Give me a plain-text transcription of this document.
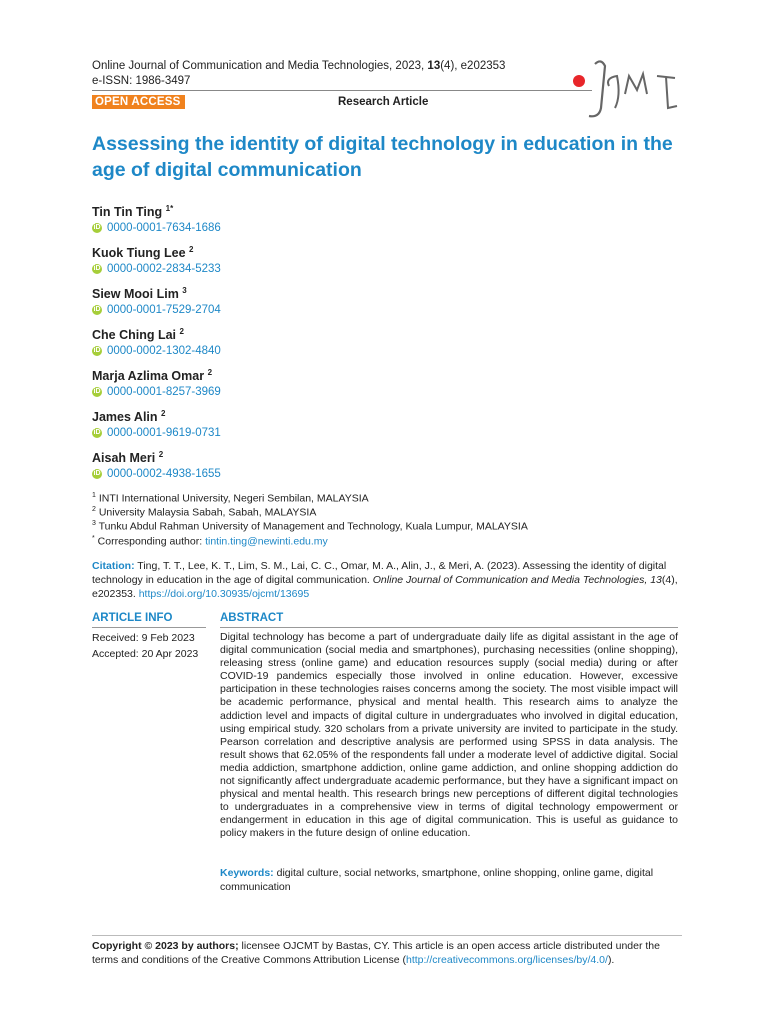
Online Journal of Communication and Media Technologies, 2023, 13(4), e202353
e-ISSN: 1986-3497
OPEN ACCESS	Research Article
Assessing the identity of digital technology in education in the age of digital communication
Tin Tin Ting $^{1*}$
iD 0000-0001-7634-1686
Kuok Tiung Lee $^2$
iD 0000-0002-2834-5233
Siew Mooi Lim $^3$
iD 0000-0001-7529-2704
Che Ching Lai $^2$
iD 0000-0002-1302-4840
Marja Azlima Omar $^2$
iD 0000-0001-8257-3969
James Alin $^2$
iD 0000-0001-9619-0731
Aisah Meri $^2$
iD 0000-0002-4938-1655
$^1$ INTI International University, Negeri Sembilan, MALAYSIA
$^2$ University Malaysia Sabah, Sabah, MALAYSIA
$^3$ Tunku Abdul Rahman University of Management and Technology, Kuala Lumpur, MALAYSIA
* Corresponding author: tintin.ting@newinti.edu.my
Citation: Ting, T. T., Lee, K. T., Lim, S. M., Lai, C. C., Omar, M. A., Alin, J., & Meri, A. (2023). Assessing the identity of digital technology in education in the age of digital communication. Online Journal of Communication and Media Technologies, 13(4), e202353. https://doi.org/10.30935/ojcmt/13695
ARTICLE INFO	ABSTRACT
Received: 9 Feb 2023
Accepted: 20 Apr 2023
Digital technology has become a part of undergraduate daily life as digital assistant in the age of digital communication (social media and smartphones), purchasing necessities (online shopping), releasing stress (online game) and education resources supply (social media) during or after COVID-19 pandemics especially those involved in online education. However, excessive participation in these technologies raises concerns among the society. The most visible impact will be academic performance, physical and mental health. This research aims to analyze the addiction level and impacts of digital culture in undergraduates who involved in digital education, using empirical study. 320 scholars from a private university are invited to participate in the study. Pearson correlation and descriptive analysis are performed using SPSS in data analysis. The result shows that 62.05% of the respondents fall under a moderate level of addictive digital. Social media addiction, smartphone addiction, online game addiction, and online shopping addiction do not significantly affect undergraduate academic performance, but they have a significant impact on physical and mental health. This research brings new perceptions of different digital technologies to undergraduates in a comprehensive view in terms of digital technology empowerment or endangerment in education in this age of digital communication. This is useful as guidance to policy makers in the future design of online education.
Keywords: digital culture, social networks, smartphone, online shopping, online game, digital communication
Copyright © 2023 by authors; licensee OJCMT by Bastas, CY. This article is an open access article distributed under the terms and conditions of the Creative Commons Attribution License (http://creativecommons.org/licenses/by/4.0/).
